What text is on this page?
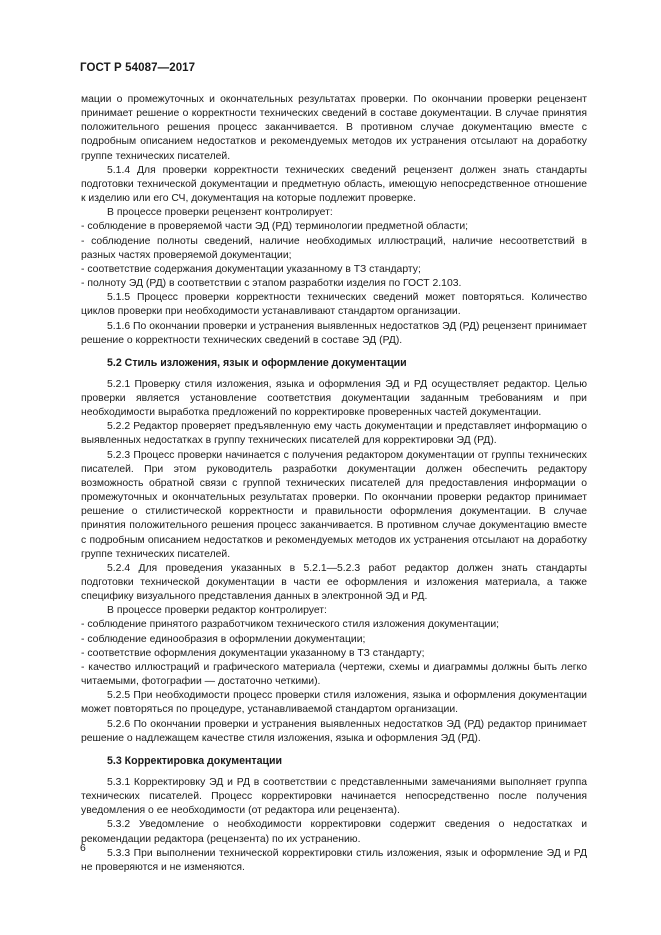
ГОСТ Р 54087—2017

мации о промежуточных и окончательных результатах проверки. По окончании проверки рецензент принимает решение о корректности технических сведений в составе документации. В случае принятия положительного решения процесс заканчивается. В противном случае документацию вместе с подробным описанием недостатков и рекомендуемых методов их устранения отсылают на доработку группе технических писателей.

5.1.4 Для проверки корректности технических сведений рецензент должен знать стандарты подготовки технической документации и предметную область, имеющую непосредственное отношение к изделию или его СЧ, документация на которые подлежит проверке.

В процессе проверки рецензент контролирует:

- соблюдение в проверяемой части ЭД (РД) терминологии предметной области;

- соблюдение полноты сведений, наличие необходимых иллюстраций, наличие несоответствий в разных частях проверяемой документации;

- соответствие содержания документации указанному в ТЗ стандарту;

- полноту ЭД (РД) в соответствии с этапом разработки изделия по ГОСТ 2.103.

5.1.5 Процесс проверки корректности технических сведений может повторяться. Количество циклов проверки при необходимости устанавливают стандартом организации.

5.1.6 По окончании проверки и устранения выявленных недостатков ЭД (РД) рецензент принимает решение о корректности технических сведений в составе ЭД (РД).

5.2 Стиль изложения, язык и оформление документации

5.2.1 Проверку стиля изложения, языка и оформления ЭД и РД осуществляет редактор. Целью проверки является установление соответствия документации заданным требованиям и при необходимости выработка предложений по корректировке проверенных частей документации.

5.2.2 Редактор проверяет предъявленную ему часть документации и представляет информацию о выявленных недостатках в группу технических писателей для корректировки ЭД (РД).

5.2.3 Процесс проверки начинается с получения редактором документации от группы технических писателей. При этом руководитель разработки документации должен обеспечить редактору возможность обратной связи с группой технических писателей для предоставления информации о промежуточных и окончательных результатах проверки. По окончании проверки редактор принимает решение о стилистической корректности и правильности оформления документации. В случае принятия положительного решения процесс заканчивается. В противном случае документацию вместе с подробным описанием недостатков и рекомендуемых методов их устранения отсылают на доработку группе технических писателей.

5.2.4 Для проведения указанных в 5.2.1—5.2.3 работ редактор должен знать стандарты подготовки технической документации в части ее оформления и изложения материала, а также специфику визуального представления данных в электронной ЭД и РД.

В процессе проверки редактор контролирует:

- соблюдение принятого разработчиком технического стиля изложения документации;

- соблюдение единообразия в оформлении документации;

- соответствие оформления документации указанному в ТЗ стандарту;

- качество иллюстраций и графического материала (чертежи, схемы и диаграммы должны быть легко читаемыми, фотографии — достаточно четкими).

5.2.5 При необходимости процесс проверки стиля изложения, языка и оформления документации может повторяться по процедуре, устанавливаемой стандартом организации.

5.2.6 По окончании проверки и устранения выявленных недостатков ЭД (РД) редактор принимает решение о надлежащем качестве стиля изложения, языка и оформления ЭД (РД).

5.3 Корректировка документации

5.3.1 Корректировку ЭД и РД в соответствии с представленными замечаниями выполняет группа технических писателей. Процесс корректировки начинается непосредственно после получения уведомления о ее необходимости (от редактора или рецензента).

5.3.2 Уведомление о необходимости корректировки содержит сведения о недостатках и рекомендации редактора (рецензента) по их устранению.

5.3.3 При выполнении технической корректировки стиль изложения, язык и оформление ЭД и РД не проверяются и не изменяются.

6
